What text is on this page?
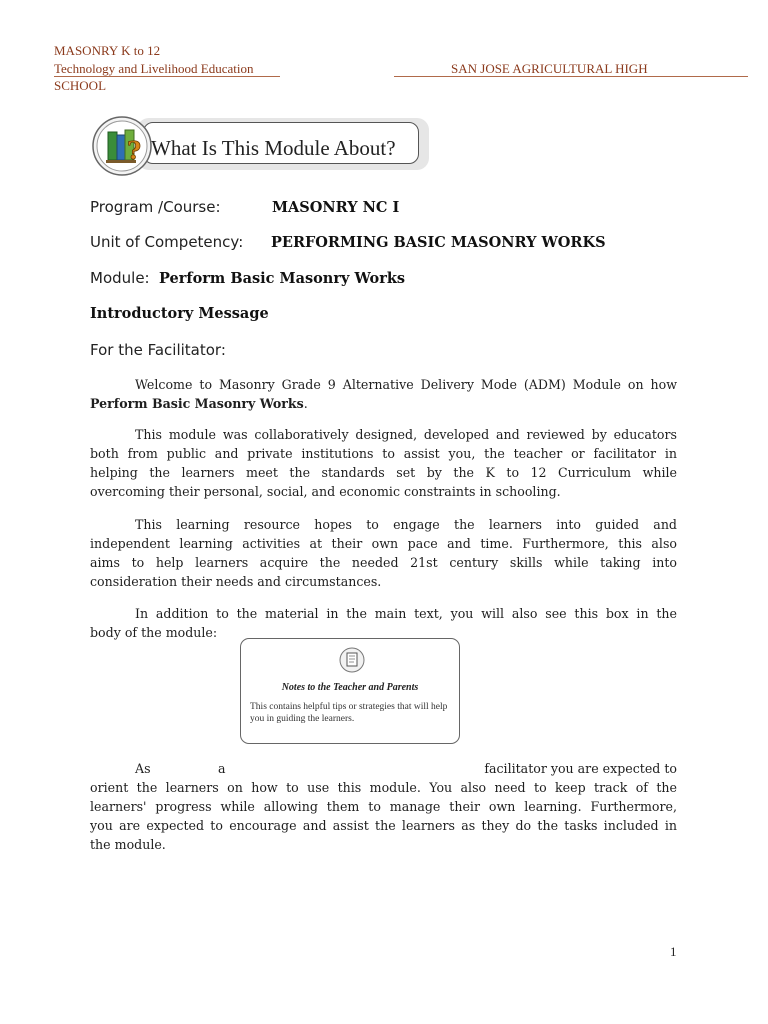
MASONRY K to 12
Technology and Livelihood Education	SAN JOSE AGRICULTURAL HIGH
SCHOOL
What Is This Module About?
?
Program /Course:	MASONRY NC I
Unit of Competency: PERFORMING BASIC MASONRY WORKS
Module: Perform Basic Masonry Works
Introductory Message
For the Facilitator:
Welcome to Masonry Grade 9 Alternative Delivery Mode (ADM) Module on how
Perform Basic Masonry Works.
This module was collaboratively designed, developed and reviewed by educators
both from public and private institutions to assist you, the teacher or facilitator in
helping the learners meet the standards set by the K to 12 Curriculum while
overcoming their personal, social, and economic constraints in schooling.
This learning resource hopes to engage the learners into guided and
independent learning activities at their own pace and time. Furthermore, this also
aims to help learners acquire the needed 21st century skills while taking into
consideration their needs and circumstances.
In addition to the material in the main text, you will also see this box in the
body of the module:
Notes to the Teacher and Parents
This contains helpful tips or strategies that will help you in guiding the learners.
As	a	facilitator you are expected to
orient the learners on how to use this module. You also need to keep track of the
learners' progress while allowing them to manage their own learning. Furthermore,
you are expected to encourage and assist the learners as they do the tasks included in
the module.
1
